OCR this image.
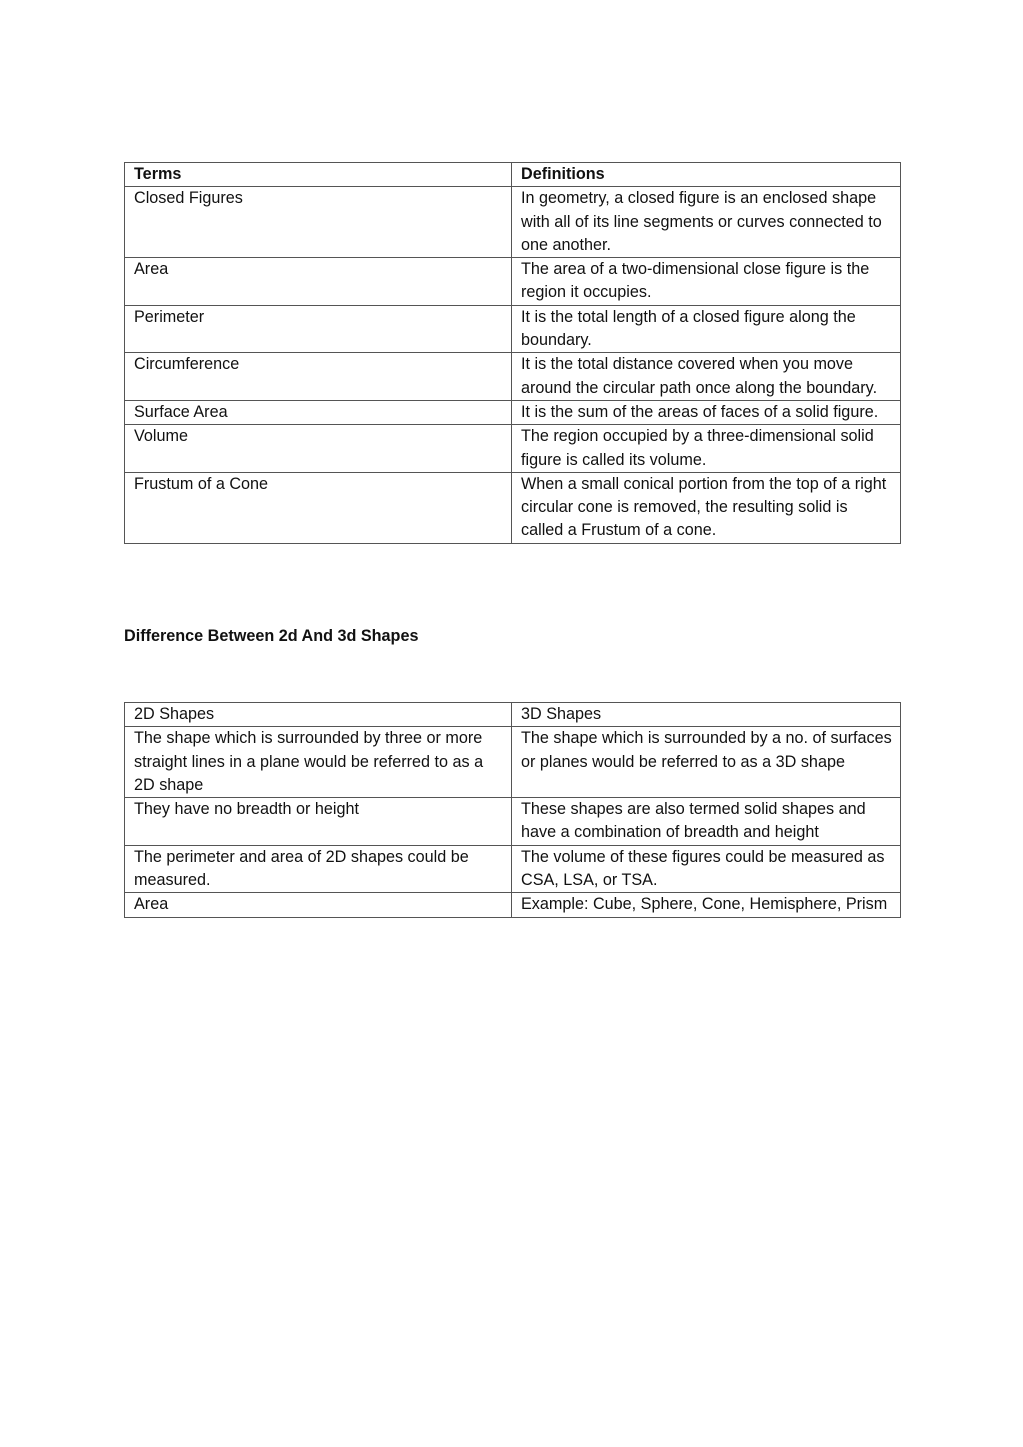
Terms	Definitions
Closed Figures	In geometry, a closed figure is an enclosed shape with all of its line segments or curves connected to one another.
Area	The area of a two-dimensional close figure is the region it occupies.
Perimeter	It is the total length of a closed figure along the boundary.
Circumference	It is the total distance covered when you move around the circular path once along the boundary.
Surface Area	It is the sum of the areas of faces of a solid figure.
Volume	The region occupied by a three-dimensional solid figure is called its volume.
Frustum of a Cone	When a small conical portion from the top of a right circular cone is removed, the resulting solid is called a Frustum of a cone.
Difference Between 2d And 3d Shapes
2D Shapes	3D Shapes
The shape which is surrounded by three or more straight lines in a plane would be referred to as a 2D shape	The shape which is surrounded by a no. of surfaces or planes would be referred to as a 3D shape
They have no breadth or height	These shapes are also termed solid shapes and have a combination of breadth and height
The perimeter and area of 2D shapes could be measured.	The volume of these figures could be measured as CSA, LSA, or TSA.
Area	Example: Cube, Sphere, Cone, Hemisphere, Prism
